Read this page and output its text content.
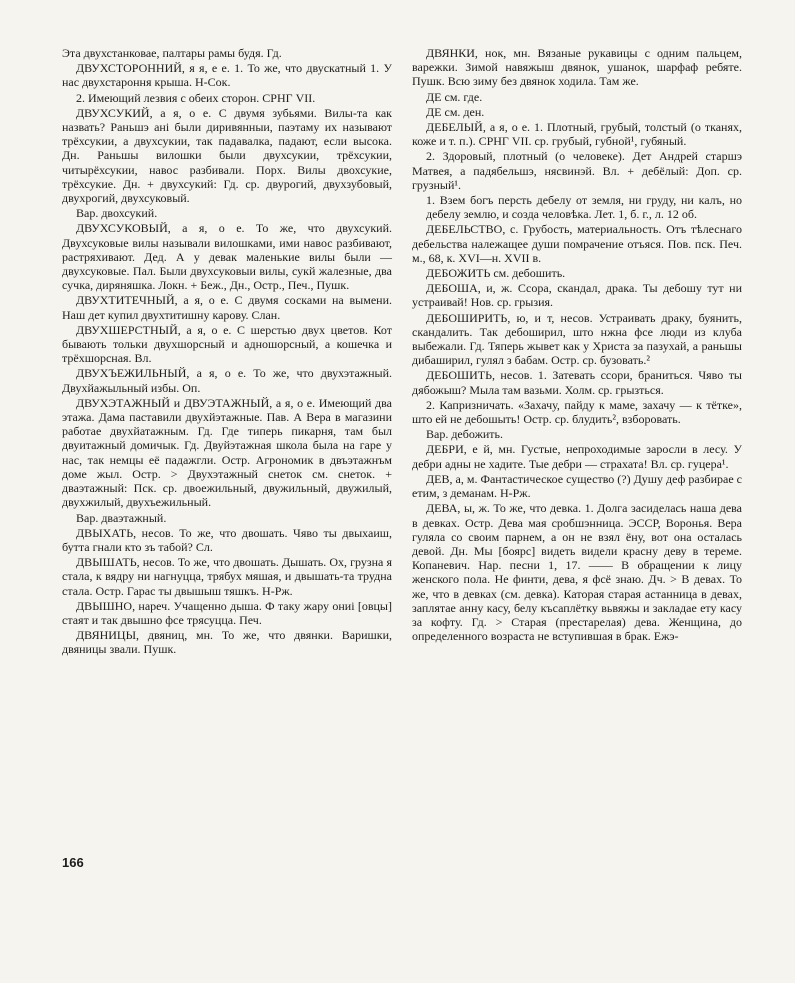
Эта двухстанковае, палтары рамы будя. Гд.

ДВУХСТОРОННИЙ, я я, е е. 1. То же, что двускатный 1. У нас двухстароння крыша. Н-Сок.

2. Имеющий лезвия с обеих сторон. СРНГ VII.

ДВУХСУКИЙ, а я, о е. С двумя зубьями. Вилы-та как назвать? Раньшэ ані были диривянныи, паэтаму их называют трёхсукии, а двухсукии, так падавалка, падают, если высока. Дн. Раньшы вилошки были двухсукии, трёхсукии, читырёхсукии, навос разбивали. Порх. Вилы двохсукие, трёхсукие. Дн. + двухсукий: Гд. ср. двурогий, двухзубовый, двухрогий, двухсуковый.

Вар. двохсукий.

ДВУХСУКОВЫЙ, а я, о е. То же, что двухсукий. Двухсуковые вилы называли вилошками, ими навос разбивают, растряхивают. Дед. А у девак маленькие вилы были — двухсуковые. Пал. Были двухсуковыи вилы, сукй жалезные, два сучка, диряняшка. Локн. + Беж., Дн., Остр., Печ., Пушк.

ДВУХТИТЕЧНЫЙ, а я, о е. С двумя сосками на вымени. Наш дет купил двухтитишну карову. Слан.

ДВУХШЕРСТНЫЙ, а я, о е. С шерстью двух цветов. Кот бывають тольки двухшорсный и адношорсный, а кошечка и трёхшорсная. Вл.

ДВУХЪЕЖИЛЬНЫЙ, а я, о е. То же, что двухэтажный. Двухйажыльный избы. Оп.

ДВУХЭТАЖНЫЙ и ДВУЭТАЖНЫЙ, а я, о е. Имеющий два этажа. Дама паставили двухйэтажные. Пав. А Вера в магазини работае двухйатажным. Гд. Где типерь пикарня, там был двуитажный домичык. Гд. Двуйэтажная школа была на гаре у нас, так немцы её падажгли. Остр. Агрономик в двъэтажнъм доме жыл. Остр. > Двухэтажный снеток см. снеток. + дваэтажный: Пск. ср. двоежильный, двужильный, двужилый, двухжилый, двухъежильный.

Вар. дваэтажный.

ДВЫХАТЬ, несов. То же, что двошать. Чяво ты двыхаиш, бутта гнали кто зъ табой? Сл.

ДВЫШАТЬ, несов. То же, что двошать. Дышать. Ох, грузна я стала, к вядру ни нагнуцца, трябух мяшая, и двышать-та трудна стала. Остр. Гарас ты двышыш тяшкъ. Н-Рж.

ДВЫШНО, нареч. Учащенно дыша. Ф таку жару ониі [овцы] стаят и так двышно фсе трясуцца. Печ.

ДВЯНИЦЫ, двяниц, мн. То же, что двянки. Варишки, двяницы звали. Пушк.

ДВЯНКИ, нок, мн. Вязаные рукавицы с одним пальцем, варежки. Зимой навяжыш двянок, ушанок, шарфаф ребяте. Пушк. Всю зиму без двянок ходила. Там же.

ДЕ см. где.

ДЕ см. ден.

ДЕБЕЛЫЙ, а я, о е. 1. Плотный, грубый, толстый (о тканях, коже и т. п.). СРНГ VII. ср. грубый, губной¹, губяный.

2. Здоровый, плотный (о человеке). Дет Андрей старшэ Матвея, а падябельшэ, нясвинэй. Вл. + дебёлый: Доп. ср. грузный¹.

1. Взем богъ персть дебелу от земля, ни груду, ни калъ, но дебелу землю, и созда человѣка. Лет. 1, б. г., л. 12 об.

ДЕБЕЛЬСТВО, с. Грубость, материальность. Отъ тѣлеснаго дебельства належащее души помрачение отъяся. Пов. пск. Печ. м., 68, к. XVI—н. XVII в.

ДЕБОЖИТЬ см. дебошить.

ДЕБОША, и, ж. Ссора, скандал, драка. Ты дебошу тут ни устраивай! Нов. ср. грызия.

ДЕБОШИРИТЬ, ю, и т, несов. Устраивать драку, буянить, скандалить. Так дебоширил, што нжна фсе люди из клуба выбежали. Гд. Тяперь жывет как у Христа за пазухай, а раньшы дибаширил, гулял з бабам. Остр. ср. бузовать.²

ДЕБОШИТЬ, несов. 1. Затевать ссори, браниться. Чяво ты дябожыш? Мыла там вазьми. Холм. ср. грызться.

2. Капризничать. «Захачу, пайду к маме, захачу — к тётке», што ей не дебошыть! Остр. ср. блудить², взборовать.

Вар. дебожить.

ДЕБРИ, е й, мн. Густые, непроходимые заросли в лесу. У дебри адны не хадите. Тые дебри — страхата! Вл. ср. гуцера¹.

ДЕВ, а, м. Фантастическое существо (?) Душу деф разбирае с етим, з деманам. Н-Рж.

ДЕВА, ы, ж. То же, что девка. 1. Долга засиделась наша дева в девках. Остр. Дева мая сробшэнница. ЭССР, Воронья. Вера гуляла со своим парнем, а он не взял ёну, вот она осталась девой. Дн. Мы [боярс] видеть видели красну деву в тереме. Копаневич. Нар. песни 1, 17. —— В обращении к лицу женского пола. Не финти, дева, я фсё знаю. Дч. > В девах. То же, что в девках (см. девка). Каторая старая астанница в девах, заплятае анну касу, белу късаплётку вьвяжы и закладае ету касу за кофту. Гд. > Старая (престарелая) дева. Женщина, до определенного возраста не вступившая в брак. Ежэ-

166
